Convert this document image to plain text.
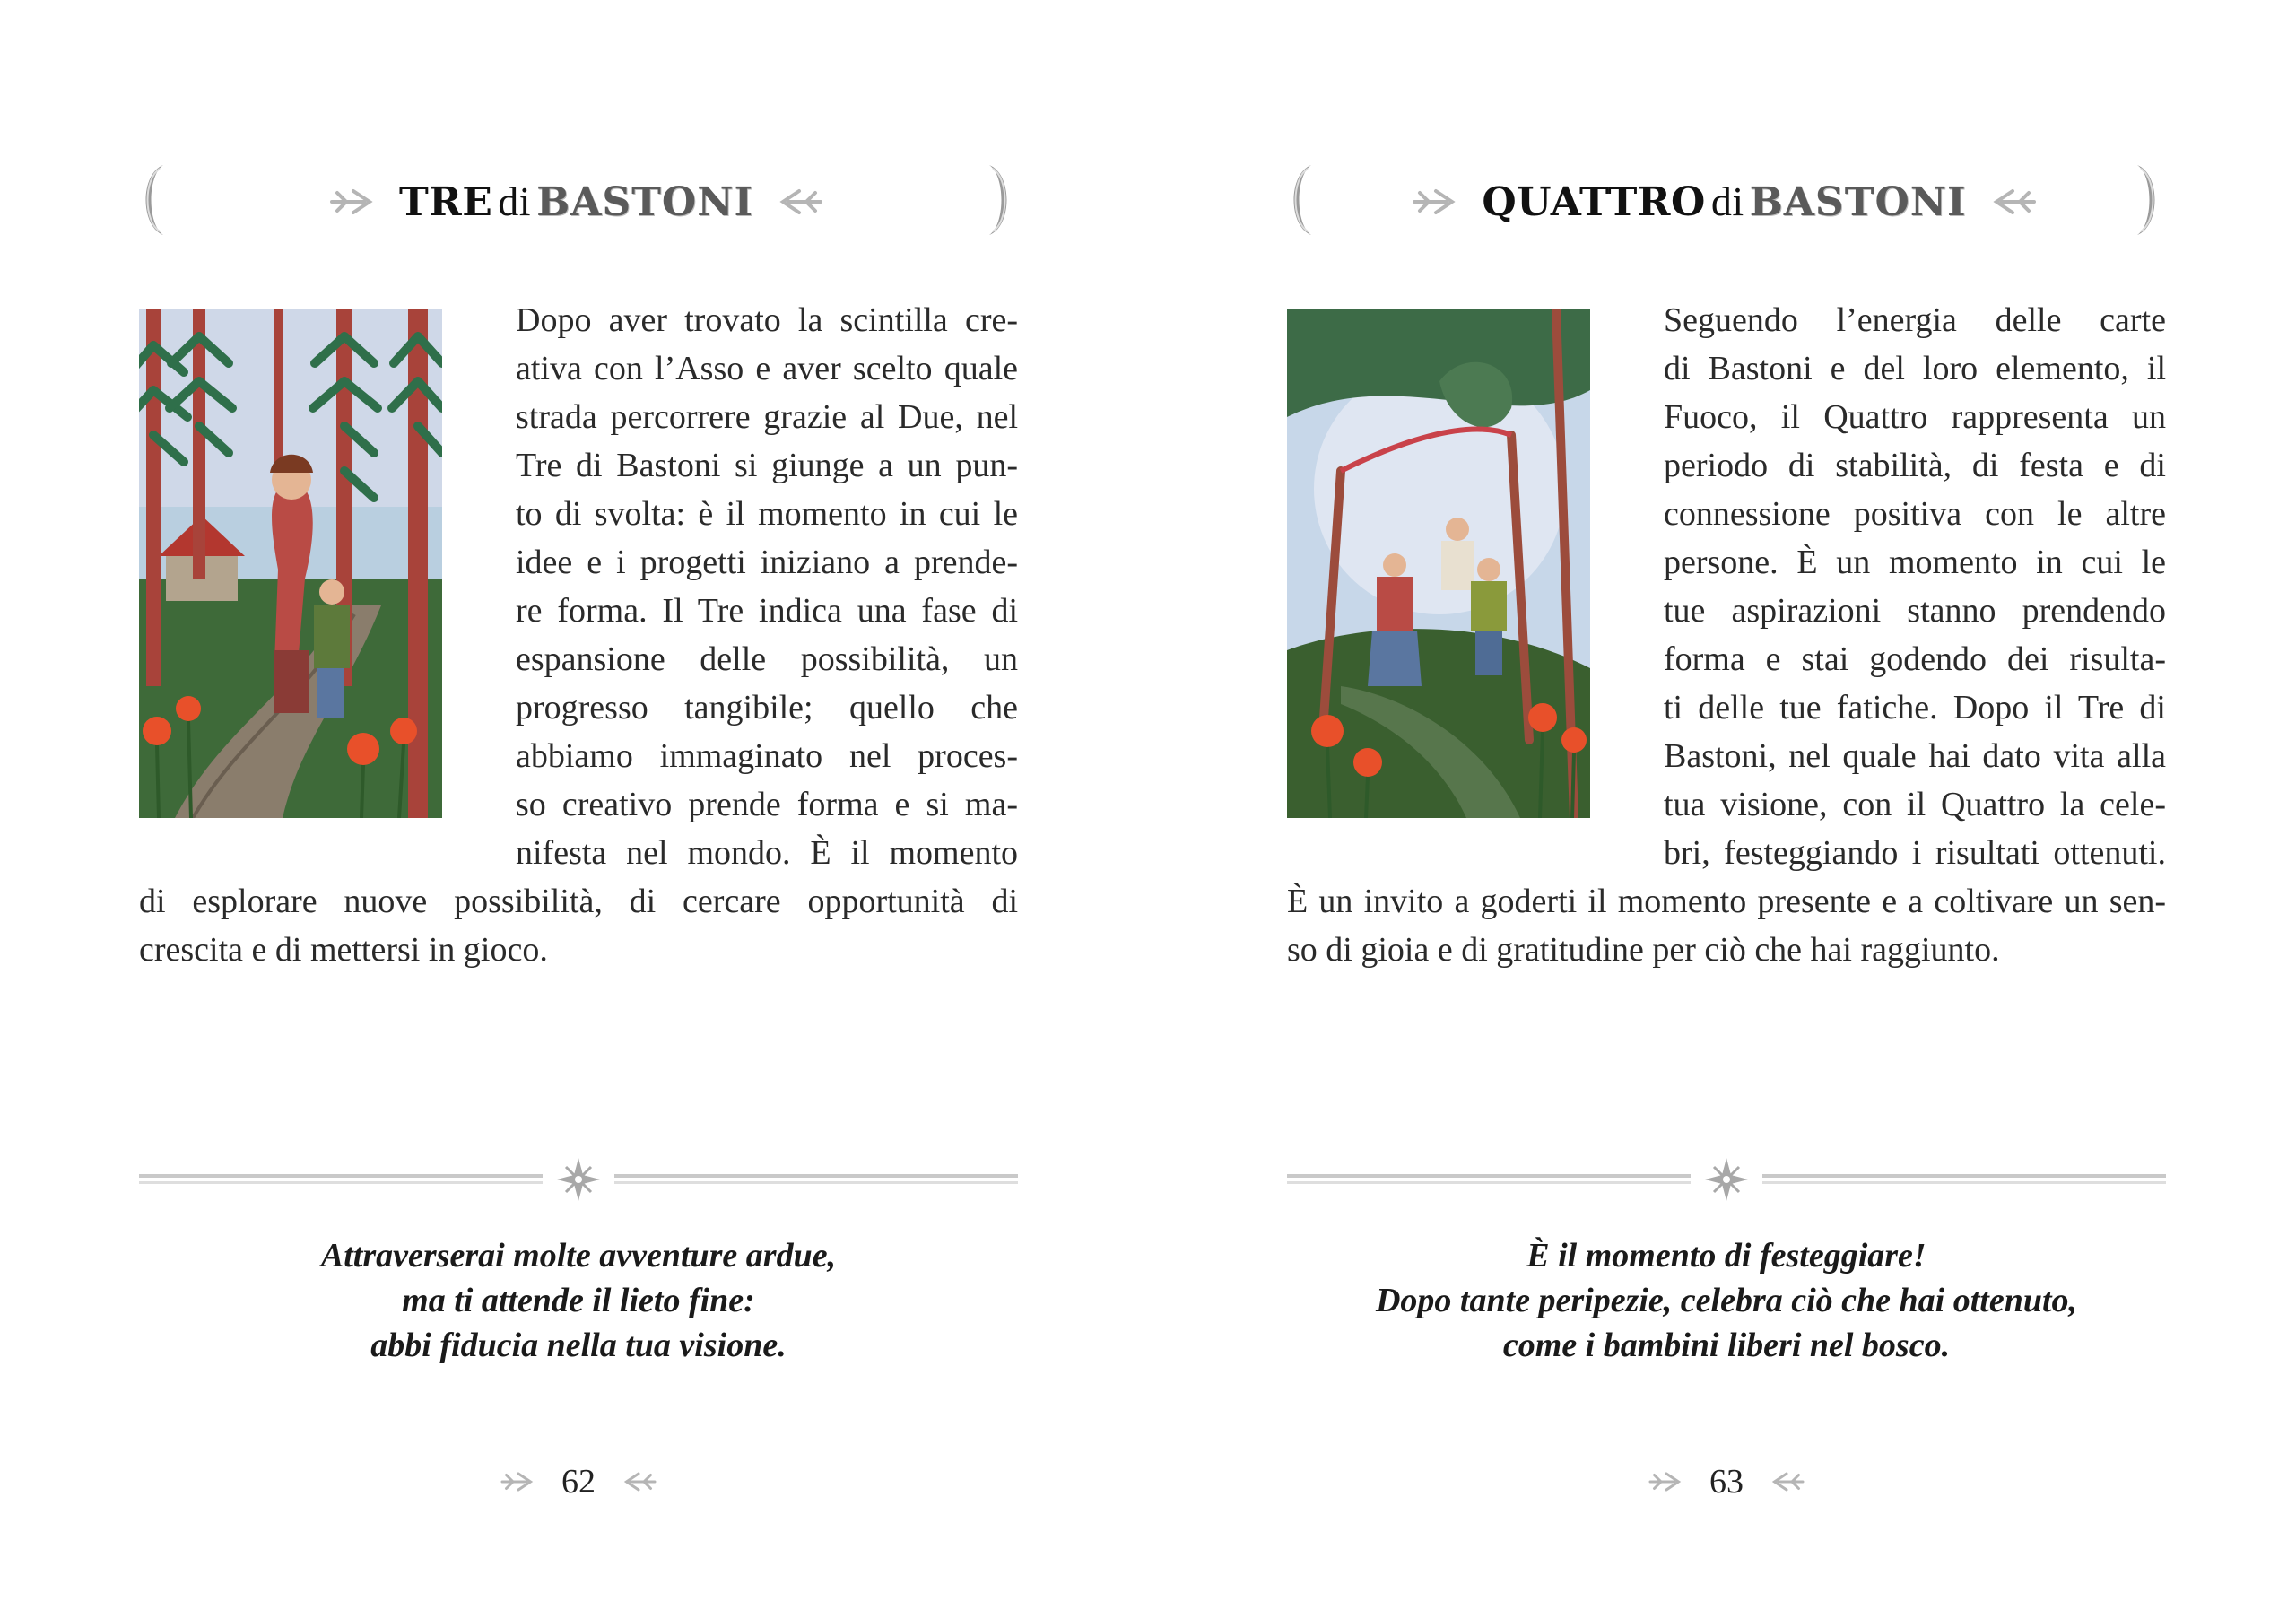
TRE di BASTONI
Dopo aver trovato la scintilla cre-
ativa con l’Asso e aver scelto quale
strada percorrere grazie al Due, nel
Tre di Bastoni si giunge a un pun-
to di svolta: è il momento in cui le
idee e i progetti iniziano a prende-
re forma. Il Tre indica una fase di
espansione delle possibilità, un
progresso tangibile; quello che
abbiamo immaginato nel proces-
so creativo prende forma e si ma-
nifesta nel mondo. È il momento
di esplorare nuove possibilità, di cercare opportunità di
crescita e di mettersi in gioco.
Attraverserai molte avventure ardue,
ma ti attende il lieto fine:
abbi fiducia nella tua visione.
62
QUATTRO di BASTONI
Seguendo l’energia delle carte
di Bastoni e del loro elemento, il
Fuoco, il Quattro rappresenta un
periodo di stabilità, di festa e di
connessione positiva con le altre
persone. È un momento in cui le
tue aspirazioni stanno prendendo
forma e stai godendo dei risulta-
ti delle tue fatiche. Dopo il Tre di
Bastoni, nel quale hai dato vita alla
tua visione, con il Quattro la cele-
bri, festeggiando i risultati ottenuti.
È un invito a goderti il momento presente e a coltivare un sen-
so di gioia e di gratitudine per ciò che hai raggiunto.
È il momento di festeggiare!
Dopo tante peripezie, celebra ciò che hai ottenuto,
come i bambini liberi nel bosco.
63
